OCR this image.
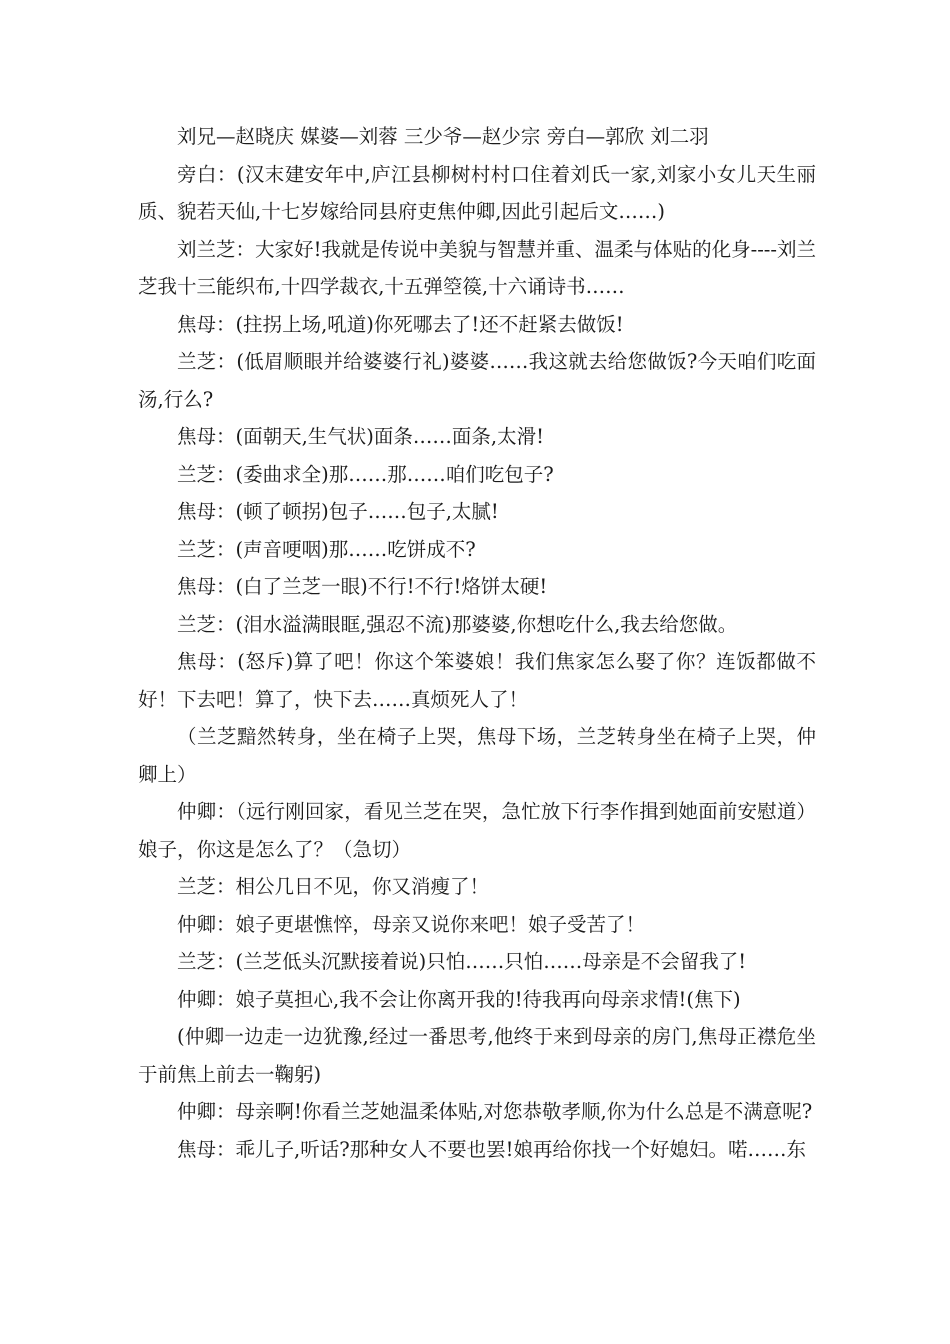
刘兄—赵晓庆 媒婆—刘蓉 三少爷—赵少宗 旁白—郭欣 刘二羽

旁白：(汉末建安年中,庐江县柳树村村口住着刘氏一家,刘家小女儿天生丽质、貌若天仙,十七岁嫁给同县府吏焦仲卿,因此引起后文……)

刘兰芝：大家好!我就是传说中美貌与智慧并重、温柔与体贴的化身----刘兰芝我十三能织布,十四学裁衣,十五弹箜篌,十六诵诗书……

焦母：(拄拐上场,吼道)你死哪去了!还不赶紧去做饭!

兰芝：(低眉顺眼并给婆婆行礼)婆婆……我这就去给您做饭?今天咱们吃面汤,行么?

焦母：(面朝天,生气状)面条……面条,太滑!

兰芝：(委曲求全)那……那……咱们吃包子?

焦母：(顿了顿拐)包子……包子,太腻!

兰芝：(声音哽咽)那……吃饼成不?

焦母：(白了兰芝一眼)不行!不行!烙饼太硬!

兰芝：(泪水溢满眼眶,强忍不流)那婆婆,你想吃什么,我去给您做。

焦母：(怒斥)算了吧！你这个笨婆娘！我们焦家怎么娶了你？连饭都做不好！下去吧！算了，快下去……真烦死人了！

（兰芝黯然转身，坐在椅子上哭，焦母下场，兰芝转身坐在椅子上哭，仲卿上）

仲卿：（远行刚回家，看见兰芝在哭，急忙放下行李作揖到她面前安慰道）娘子，你这是怎么了？（急切）

兰芝：相公几日不见，你又消瘦了！

仲卿：娘子更堪憔悴，母亲又说你来吧！娘子受苦了！

兰芝：(兰芝低头沉默接着说)只怕……只怕……母亲是不会留我了!

仲卿：娘子莫担心,我不会让你离开我的!待我再向母亲求情!(焦下)

(仲卿一边走一边犹豫,经过一番思考,他终于来到母亲的房门,焦母正襟危坐于前焦上前去一鞠躬)

仲卿：母亲啊!你看兰芝她温柔体贴,对您恭敬孝顺,你为什么总是不满意呢?

焦母：乖儿子,听话?那种女人不要也罢!娘再给你找一个好媳妇。喏……东
